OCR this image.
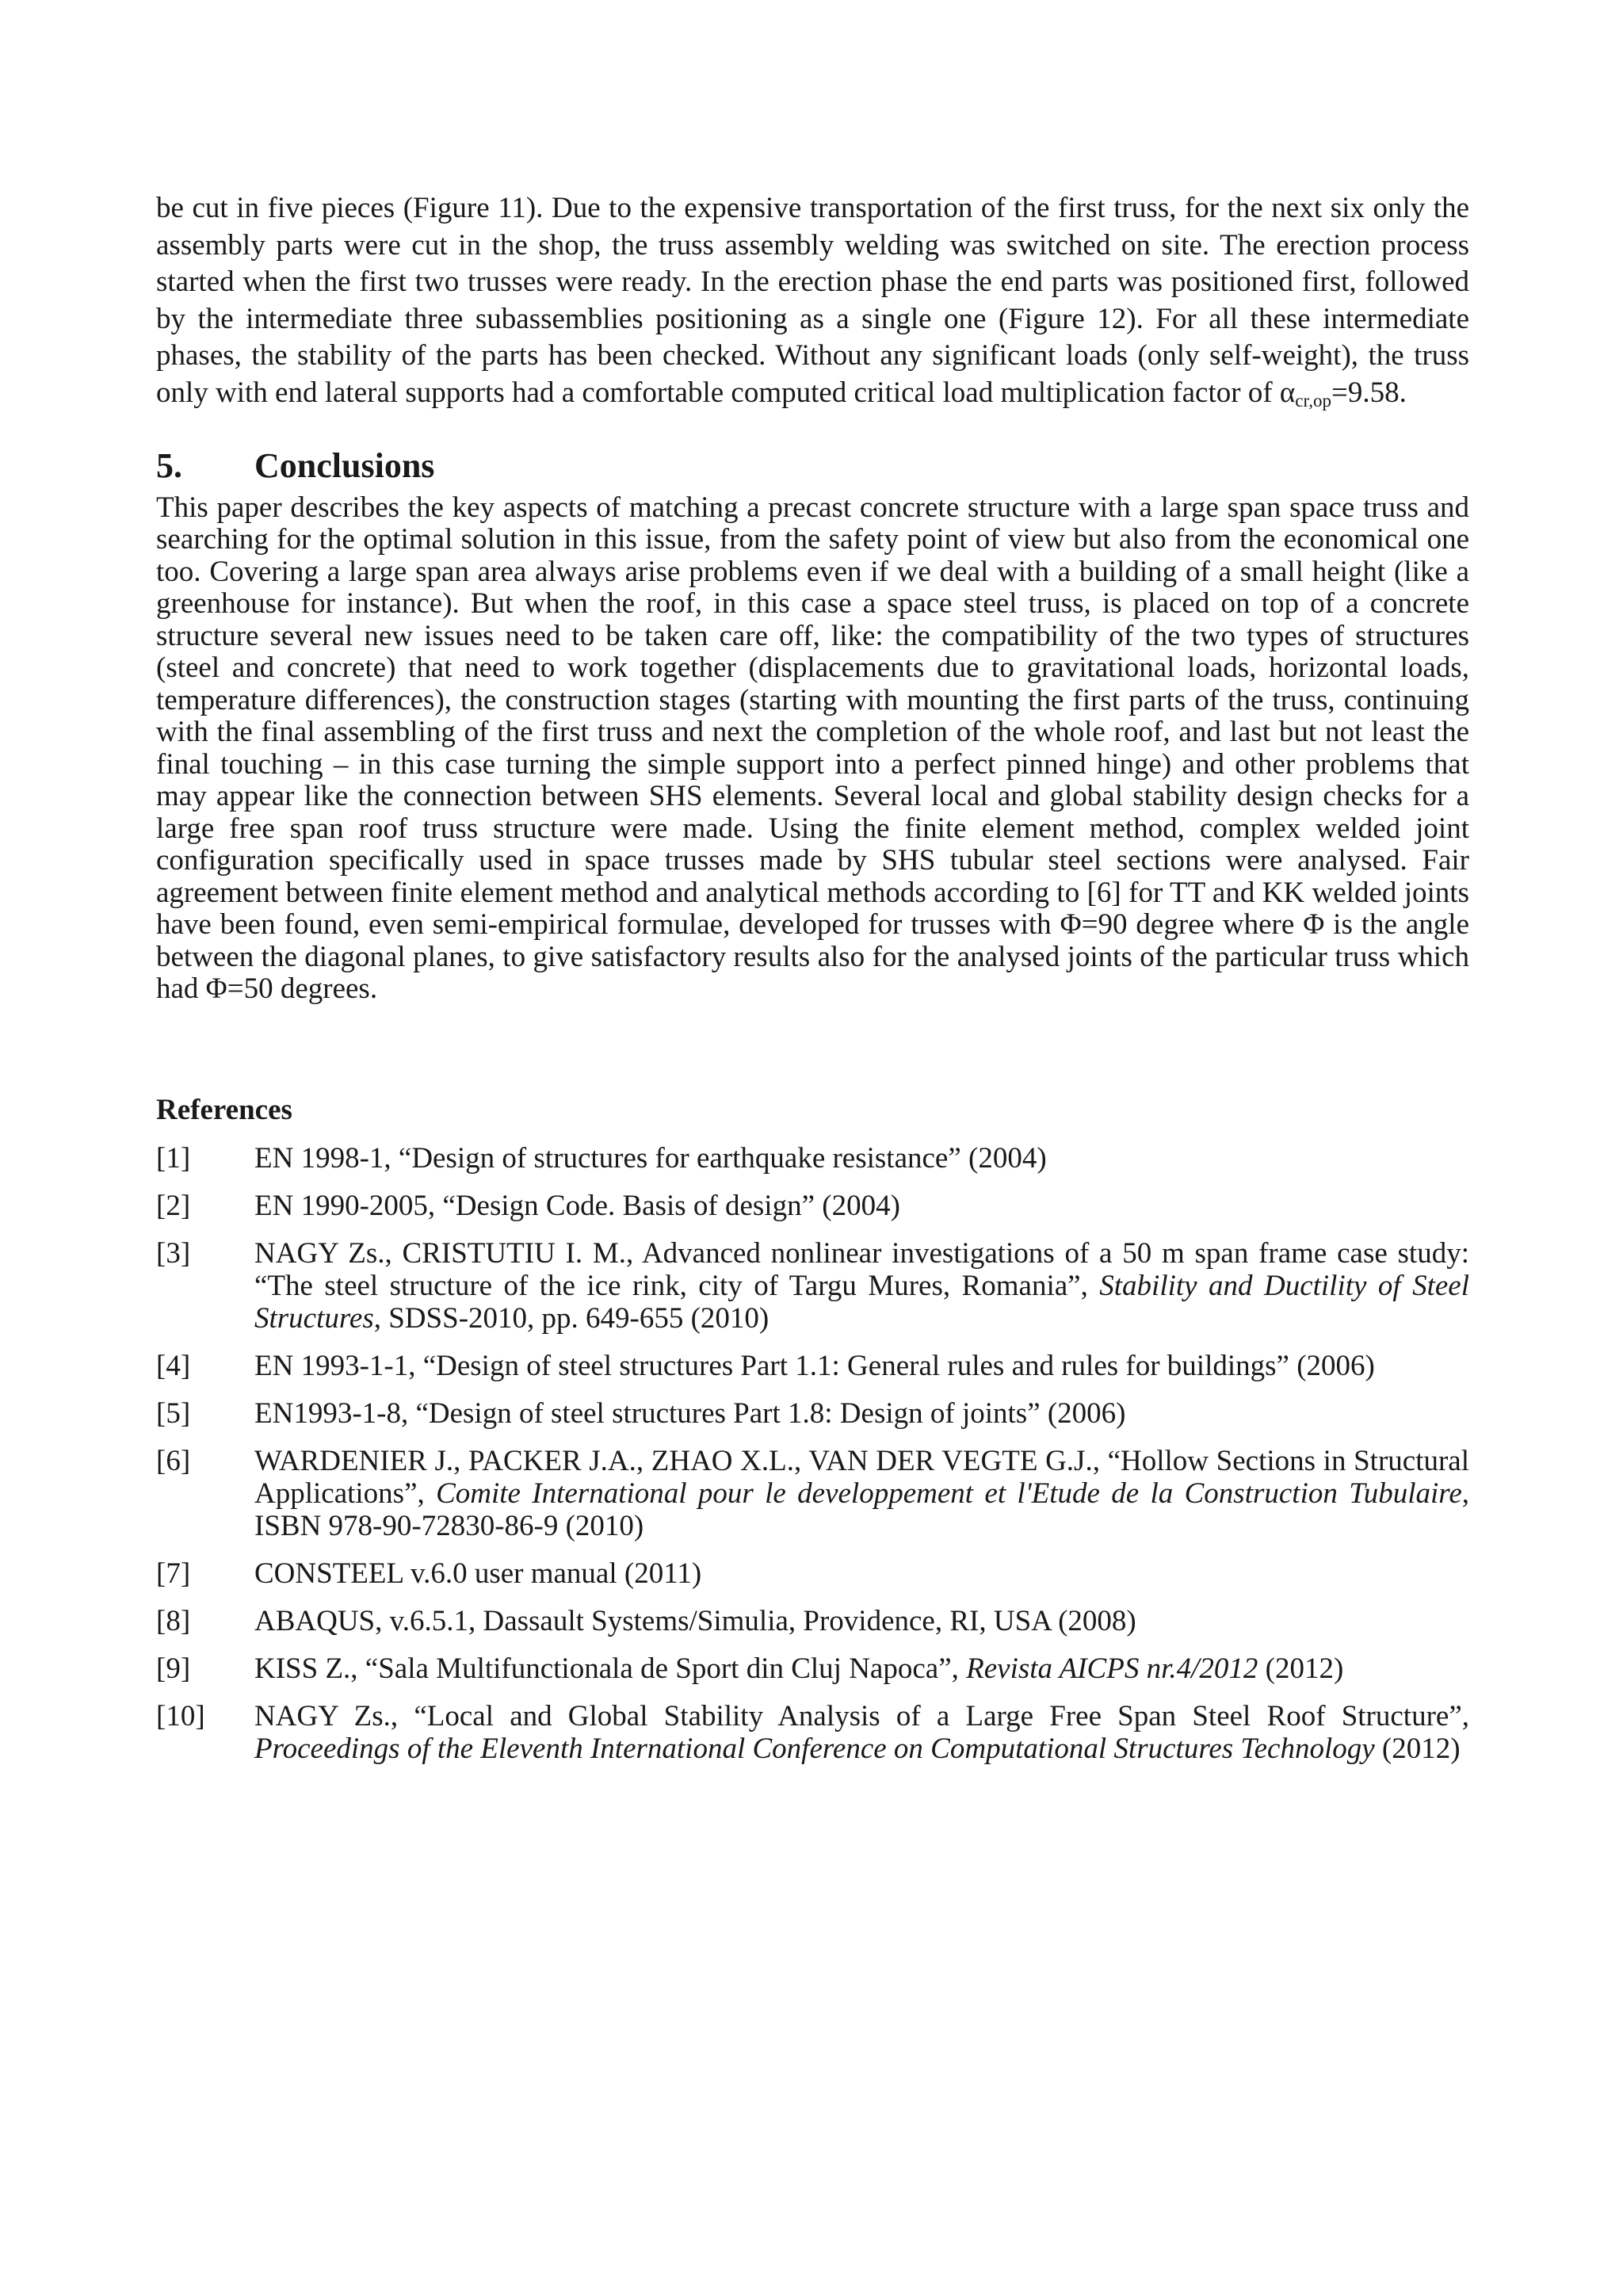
be cut in five pieces (Figure 11). Due to the expensive transportation of the first truss, for the next six only the assembly parts were cut in the shop, the truss assembly welding was switched on site. The erection process started when the first two trusses were ready. In the erection phase the end parts was positioned first, followed by the intermediate three subassemblies positioning as a single one (Figure 12). For all these intermediate phases, the stability of the parts has been checked. Without any significant loads (only self-weight), the truss only with end lateral supports had a comfortable computed critical load multiplication factor of $\alpha_{cr,op}=9.58$.

5.	Conclusions

This paper describes the key aspects of matching a precast concrete structure with a large span space truss and searching for the optimal solution in this issue, from the safety point of view but also from the economical one too. Covering a large span area always arise problems even if we deal with a building of a small height (like a greenhouse for instance). But when the roof, in this case a space steel truss, is placed on top of a concrete structure several new issues need to be taken care off, like: the compatibility of the two types of structures (steel and concrete) that need to work together (displacements due to gravitational loads, horizontal loads, temperature differences), the construction stages (starting with mounting the first parts of the truss, continuing with the final assembling of the first truss and next the completion of the whole roof, and last but not least the final touching – in this case turning the simple support into a perfect pinned hinge) and other problems that may appear like the connection between SHS elements. Several local and global stability design checks for a large free span roof truss structure were made. Using the finite element method, complex welded joint configuration specifically used in space trusses made by SHS tubular steel sections were analysed. Fair agreement between finite element method and analytical methods according to [6] for TT and KK welded joints have been found, even semi-empirical formulae, developed for trusses with Φ=90 degree where Φ is the angle between the diagonal planes, to give satisfactory results also for the analysed joints of the particular truss which had Φ=50 degrees.

References
[1]	EN 1998-1, “Design of structures for earthquake resistance” (2004)
[2]	EN 1990-2005, “Design Code. Basis of design” (2004)
[3]	NAGY Zs., CRISTUTIU I. M., Advanced nonlinear investigations of a 50 m span frame case study: “The steel structure of the ice rink, city of Targu Mures, Romania”, Stability and Ductility of Steel Structures, SDSS-2010, pp. 649-655 (2010)
[4]	EN 1993-1-1, “Design of steel structures Part 1.1: General rules and rules for buildings” (2006)
[5]	EN1993-1-8, “Design of steel structures Part 1.8: Design of joints” (2006)
[6]	WARDENIER J., PACKER J.A., ZHAO X.L., VAN DER VEGTE G.J., “Hollow Sections in Structural Applications”, Comite International pour le developpement et l'Etude de la Construction Tubulaire, ISBN 978-90-72830-86-9 (2010)
[7]	CONSTEEL v.6.0 user manual (2011)
[8]	ABAQUS, v.6.5.1, Dassault Systems/Simulia, Providence, RI, USA (2008)
[9]	KISS Z., “Sala Multifunctionala de Sport din Cluj Napoca”, Revista AICPS nr.4/2012 (2012)
[10]	NAGY Zs., “Local and Global Stability Analysis of a Large Free Span Steel Roof Structure”, Proceedings of the Eleventh International Conference on Computational Structures Technology (2012)
